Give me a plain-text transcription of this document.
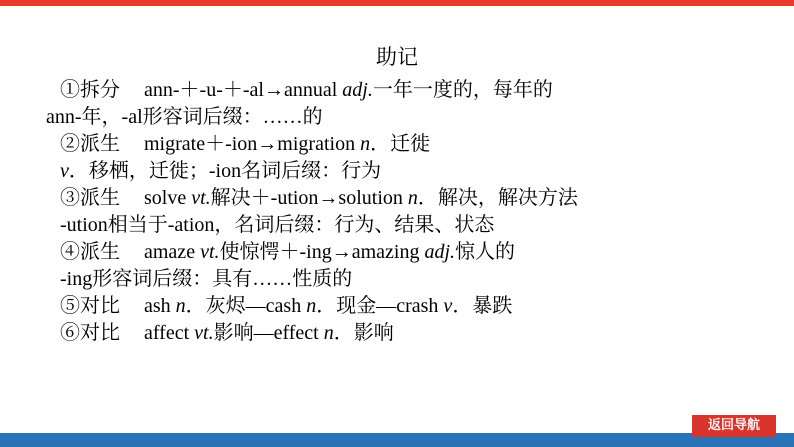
助记
①拆分 ann-＋-u-＋-al→annual adj.一年一度的，每年的
ann-年，-al形容词后缀：……的
②派生 migrate＋-ion→migration n．迁徙
v．移栖，迁徙；-ion名词后缀：行为
③派生 solve vt.解决＋-ution→solution n．解决，解决方法
-ution相当于-ation，名词后缀：行为、结果、状态
④派生 amaze vt.使惊愕＋-ing→amazing adj.惊人的
-ing形容词后缀：具有……性质的
⑤对比 ash n．灰烬—cash n．现金—crash v．暴跌
⑥对比 affect vt.影响—effect n．影响
返回导航
